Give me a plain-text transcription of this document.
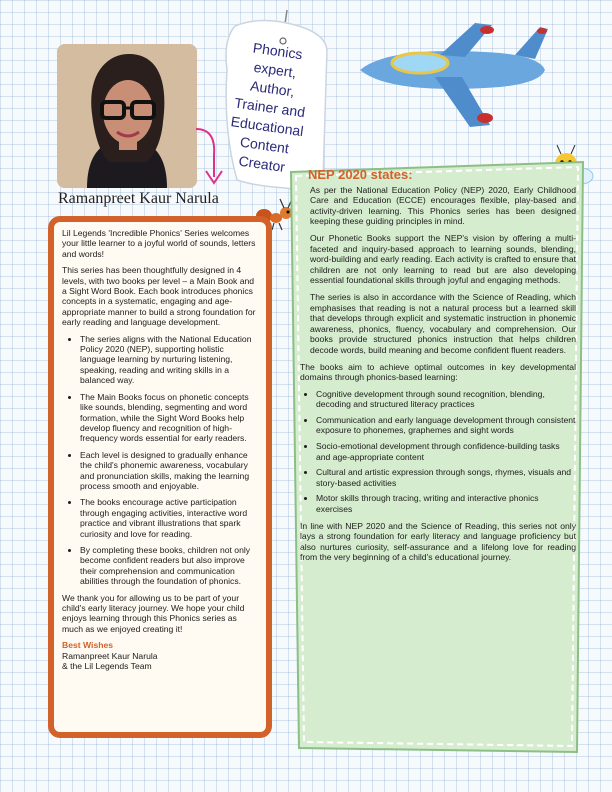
Phonics
expert,
Author,
Trainer and
Educational
Content
Creator
Ramanpreet Kaur Narula

Lil Legends 'Incredible Phonics' Series welcomes your little learner to a joyful world of sounds, letters and words!

This series has been thoughtfully designed in 4 levels, with two books per level – a Main Book and a Sight Word Book. Each book introduces phonics concepts in a systematic, engaging and age-appropriate manner to build a strong foundation for early reading and language development.

• The series aligns with the National Education Policy 2020 (NEP), supporting holistic language learning by nurturing listening, speaking, reading and writing skills in a balanced way.
• The Main Books focus on phonetic concepts like sounds, blending, segmenting and word formation, while the Sight Word Books help develop fluency and recognition of high-frequency words essential for early readers.
• Each level is designed to gradually enhance the child's phonemic awareness, vocabulary and pronunciation skills, making the learning process smooth and enjoyable.
• The books encourage active participation through engaging activities, interactive word practice and vibrant illustrations that spark curiosity and love for reading.
• By completing these books, children not only become confident readers but also improve their comprehension and communication abilities through the foundation of phonics.

We thank you for allowing us to be part of your child's early literacy journey. We hope your child enjoys learning through this Phonics series as much as we enjoyed creating it!

Best Wishes

Ramanpreet Kaur Narula

& the Lil Legends Team

NEP 2020 states:

As per the National Education Policy (NEP) 2020, Early Childhood Care and Education (ECCE) encourages flexible, play-based and activity-driven learning. This Phonics series has been designed keeping these guiding principles in mind.

Our Phonetic Books support the NEP's vision by offering a multi-faceted and inquiry-based approach to learning sounds, blending, word-building and early reading. Each activity is crafted to ensure that children are not only learning to read but are also developing essential foundational skills through joyful and engaging methods.

The series is also in accordance with the Science of Reading, which emphasises that reading is not a natural process but a learned skill that develops through explicit and systematic instruction in phonemic awareness, phonics, fluency, vocabulary and comprehension. Our books provide structured phonics instruction that helps children decode words, build meaning and become confident fluent readers.

The books aim to achieve optimal outcomes in key developmental domains through phonics-based learning:

• Cognitive development through sound recognition, blending, decoding and structured literacy practices
• Communication and early language development through consistent exposure to phonemes, graphemes and sight words
• Socio-emotional development through confidence-building tasks and age-appropriate content
• Cultural and artistic expression through songs, rhymes, visuals and story-based activities
• Motor skills through tracing, writing and interactive phonics exercises

In line with NEP 2020 and the Science of Reading, this series not only lays a strong foundation for early literacy and language proficiency but also nurtures curiosity, self-assurance and a lifelong love for reading from the very beginning of a child's educational journey.
